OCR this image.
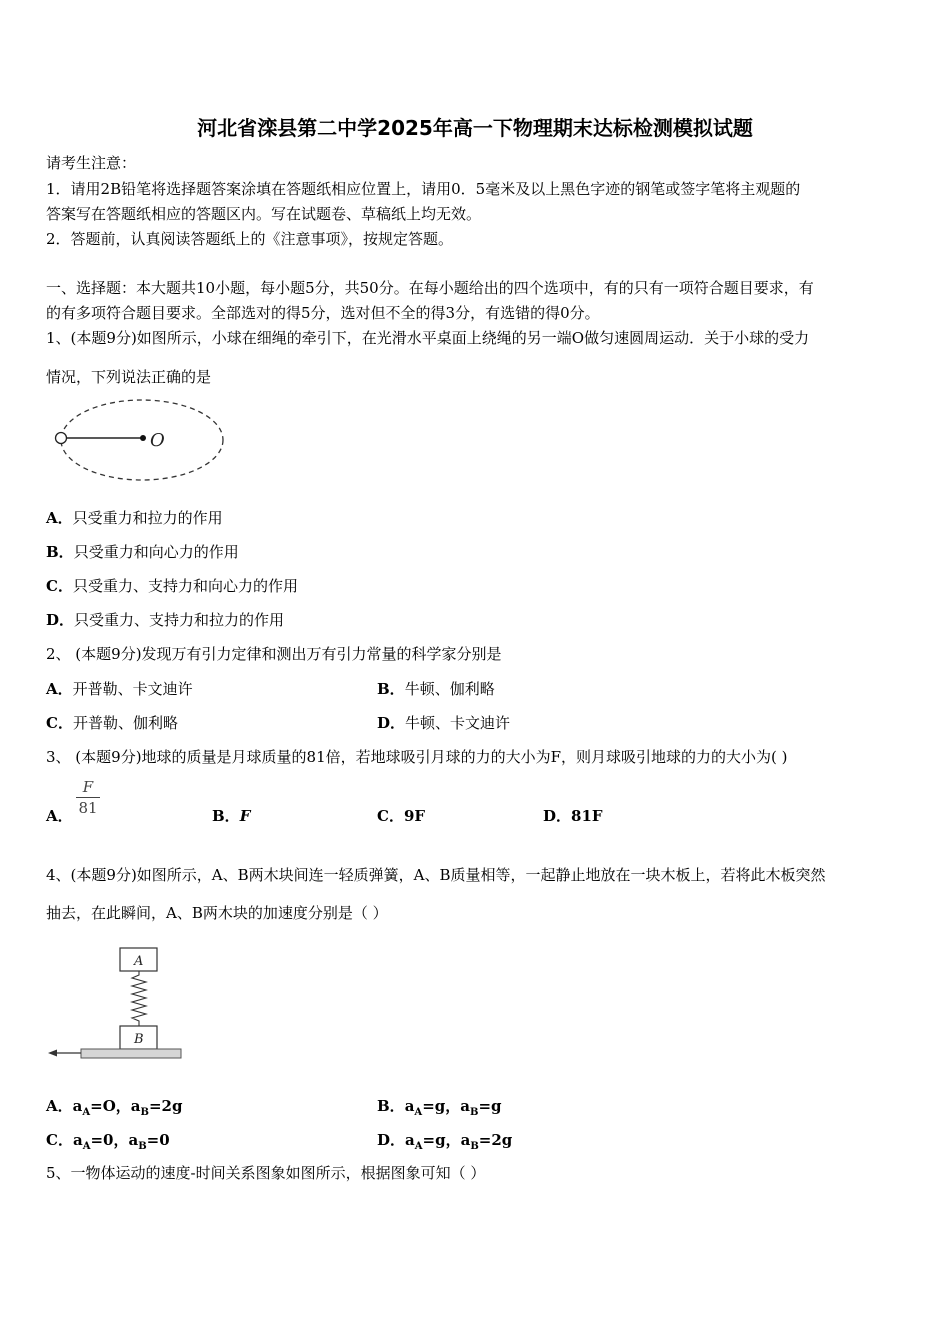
河北省滦县第二中学2025年高一下物理期末达标检测模拟试题
请考生注意：
1．请用2B铅笔将选择题答案涂填在答题纸相应位置上，请用0．5毫米及以上黑色字迹的钢笔或签字笔将主观题的
答案写在答题纸相应的答题区内。写在试题卷、草稿纸上均无效。
2．答题前，认真阅读答题纸上的《注意事项》，按规定答题。
一、选择题：本大题共10小题，每小题5分，共50分。在每小题给出的四个选项中，有的只有一项符合题目要求，有
的有多项符合题目要求。全部选对的得5分，选对但不全的得3分，有选错的得0分。
1、(本题9分)如图所示，小球在细绳的牵引下，在光滑水平桌面上绕绳的另一端O做匀速圆周运动．关于小球的受力
情况，下列说法正确的是
O
A．只受重力和拉力的作用
B．只受重力和向心力的作用
C．只受重力、支持力和向心力的作用
D．只受重力、支持力和拉力的作用
2、 (本题9分)发现万有引力定律和测出万有引力常量的科学家分别是
A．开普勒、卡文迪许	B．牛顿、伽利略
C．开普勒、伽利略	D．牛顿、卡文迪许
3、 (本题9分)地球的质量是月球质量的81倍，若地球吸引月球的力的大小为F，则月球吸引地球的力的大小为( )
A．
F
81	B．F	C．9F	D．81F
4、(本题9分)如图所示，A、B两木块间连一轻质弹簧，A、B质量相等，一起静止地放在一块木板上，若将此木板突然
抽去，在此瞬间，A、B两木块的加速度分别是（ ）
A
B
A．$a_A=O$，$a_B=2g$	B．$a_A=g$，$a_B=g$
C．$a_A=0$，$a_B=0$	D．$a_A=g$，$a_B=2g$
5、一物体运动的速度-时间关系图象如图所示，根据图象可知（ ）
